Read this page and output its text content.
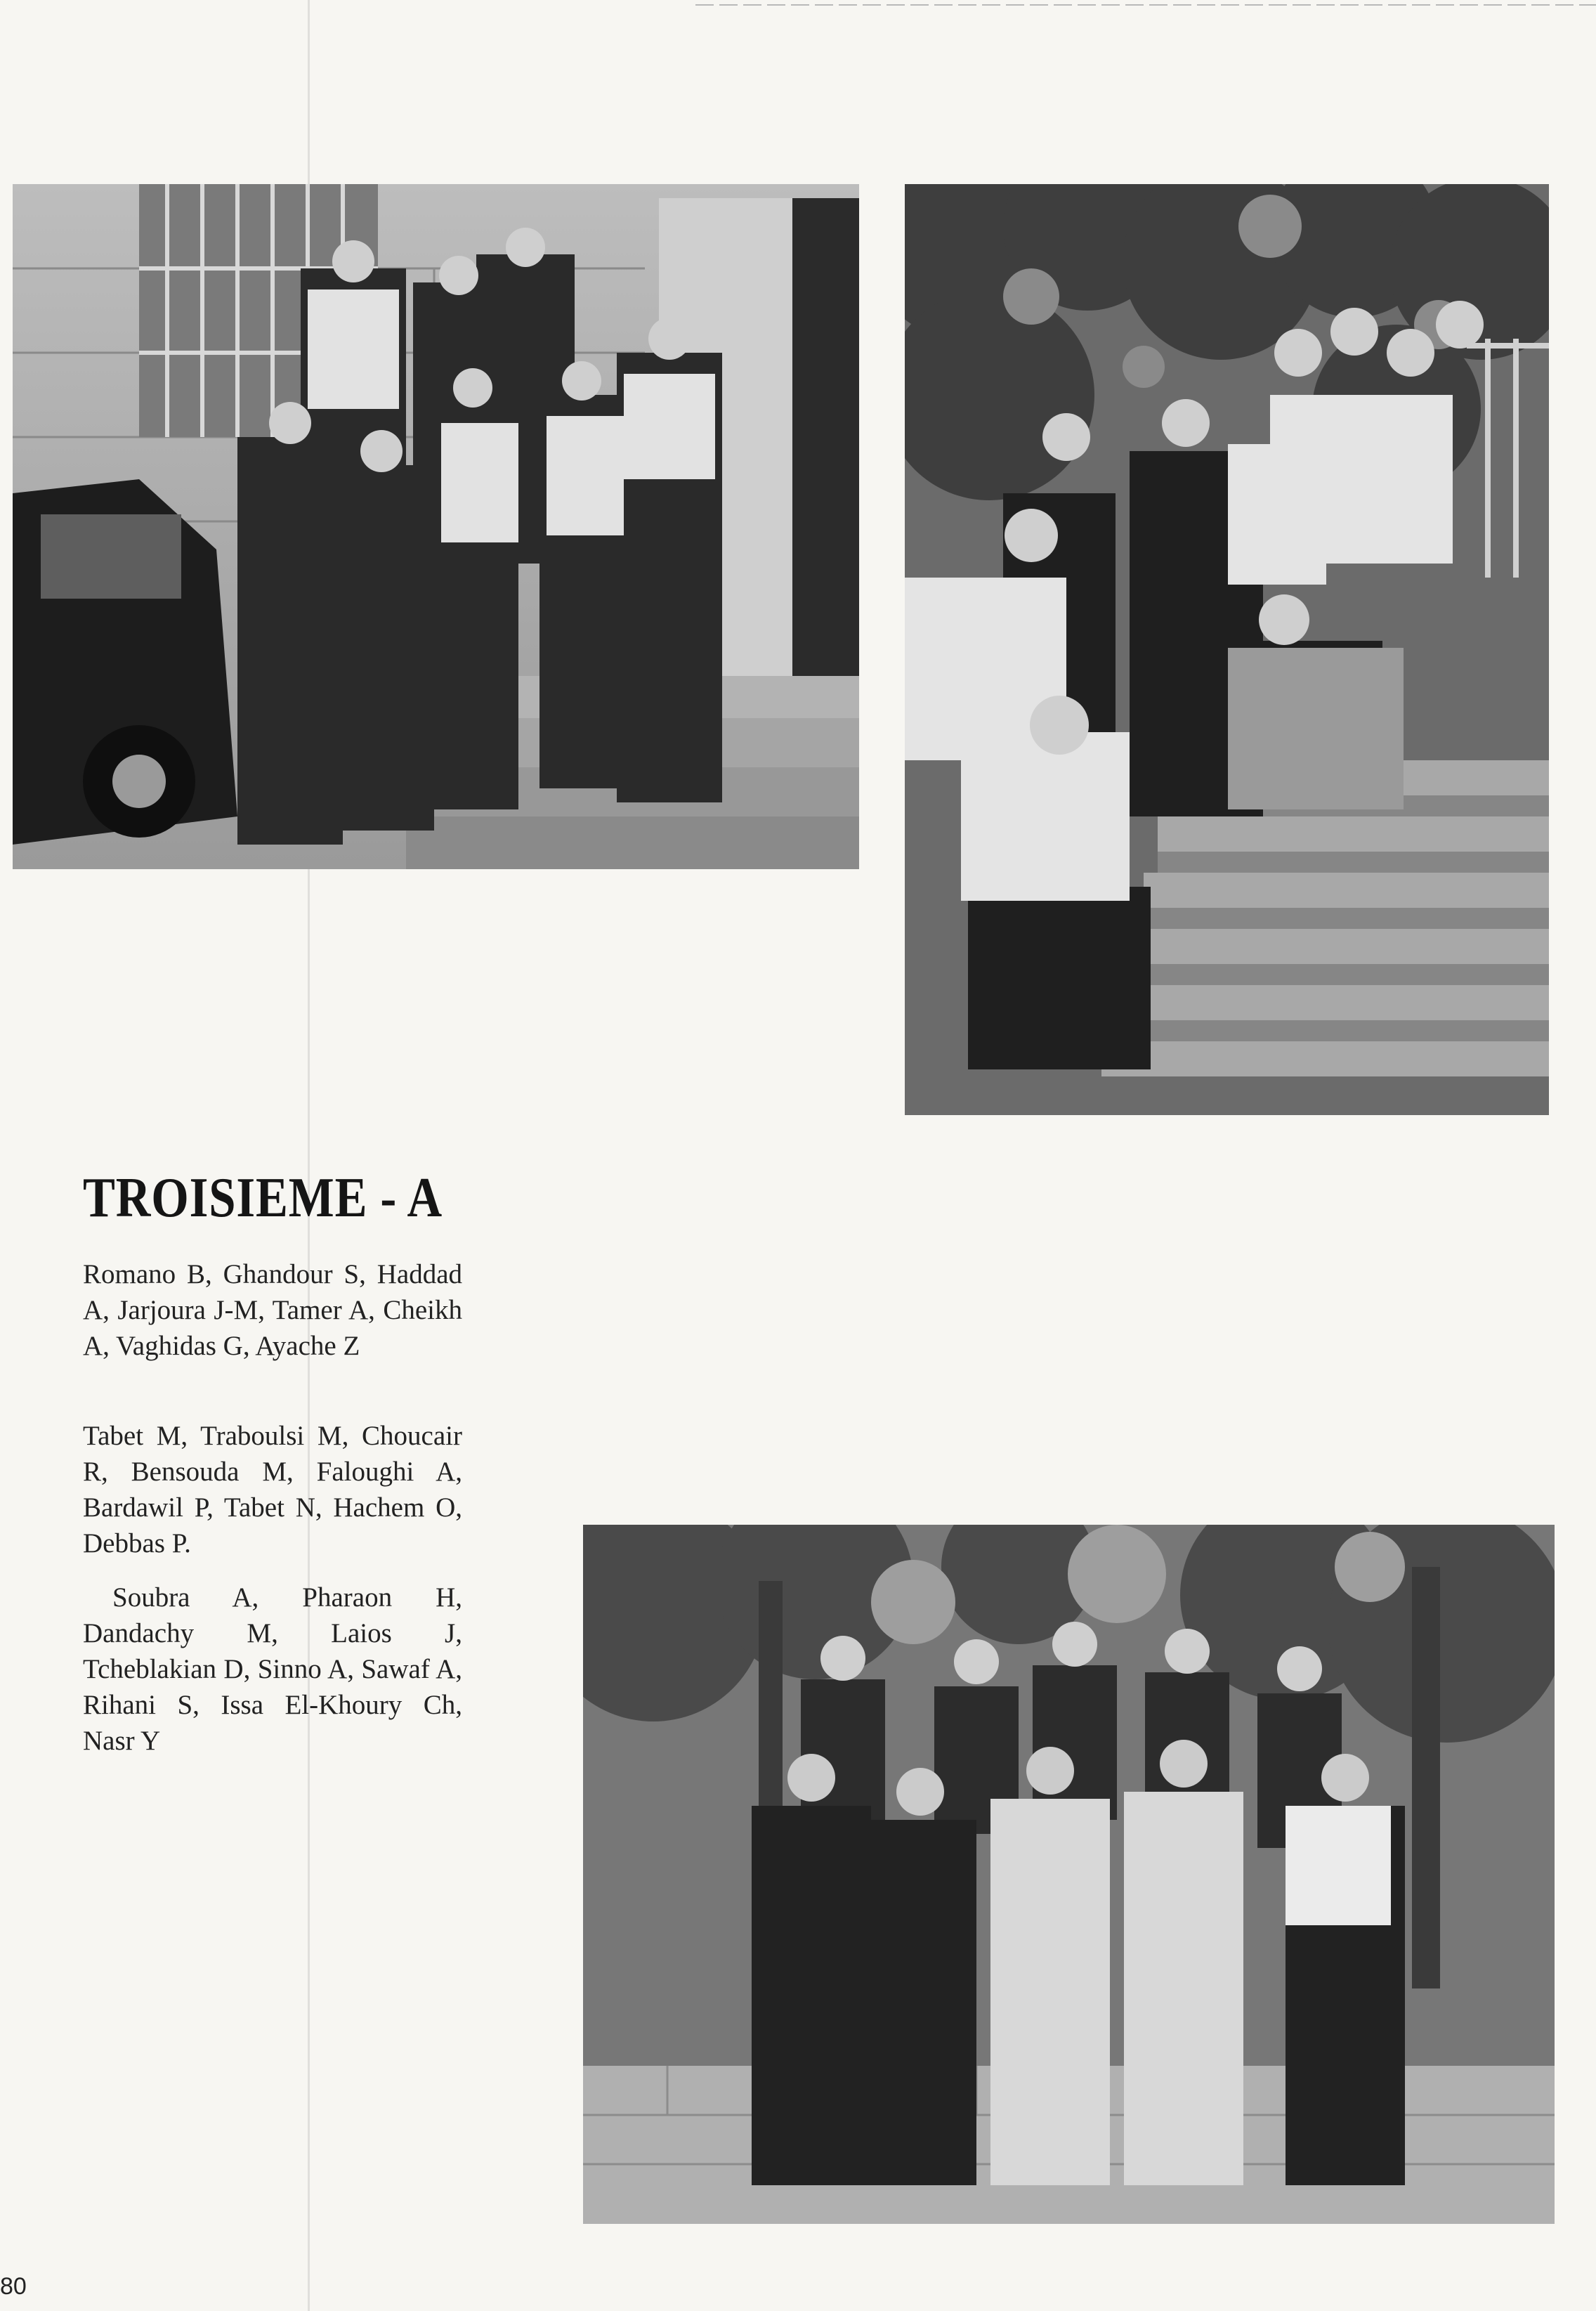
TROISIEME - A

Romano B, Ghandour S, Haddad A, Jarjoura J-M, Tamer A, Cheikh A, Vaghidas G, Ayache Z

Tabet M, Traboulsi M, Choucair R, Bensouda M, Faloughi A, Bardawil P, Tabet N, Hachem O, Debbas P.

Soubra A, Pharaon H, Dandachy M, Laios J, Tcheblakian D, Sinno A, Sawaf A, Rihani S, Issa El-Khoury Ch, Nasr Y

80
